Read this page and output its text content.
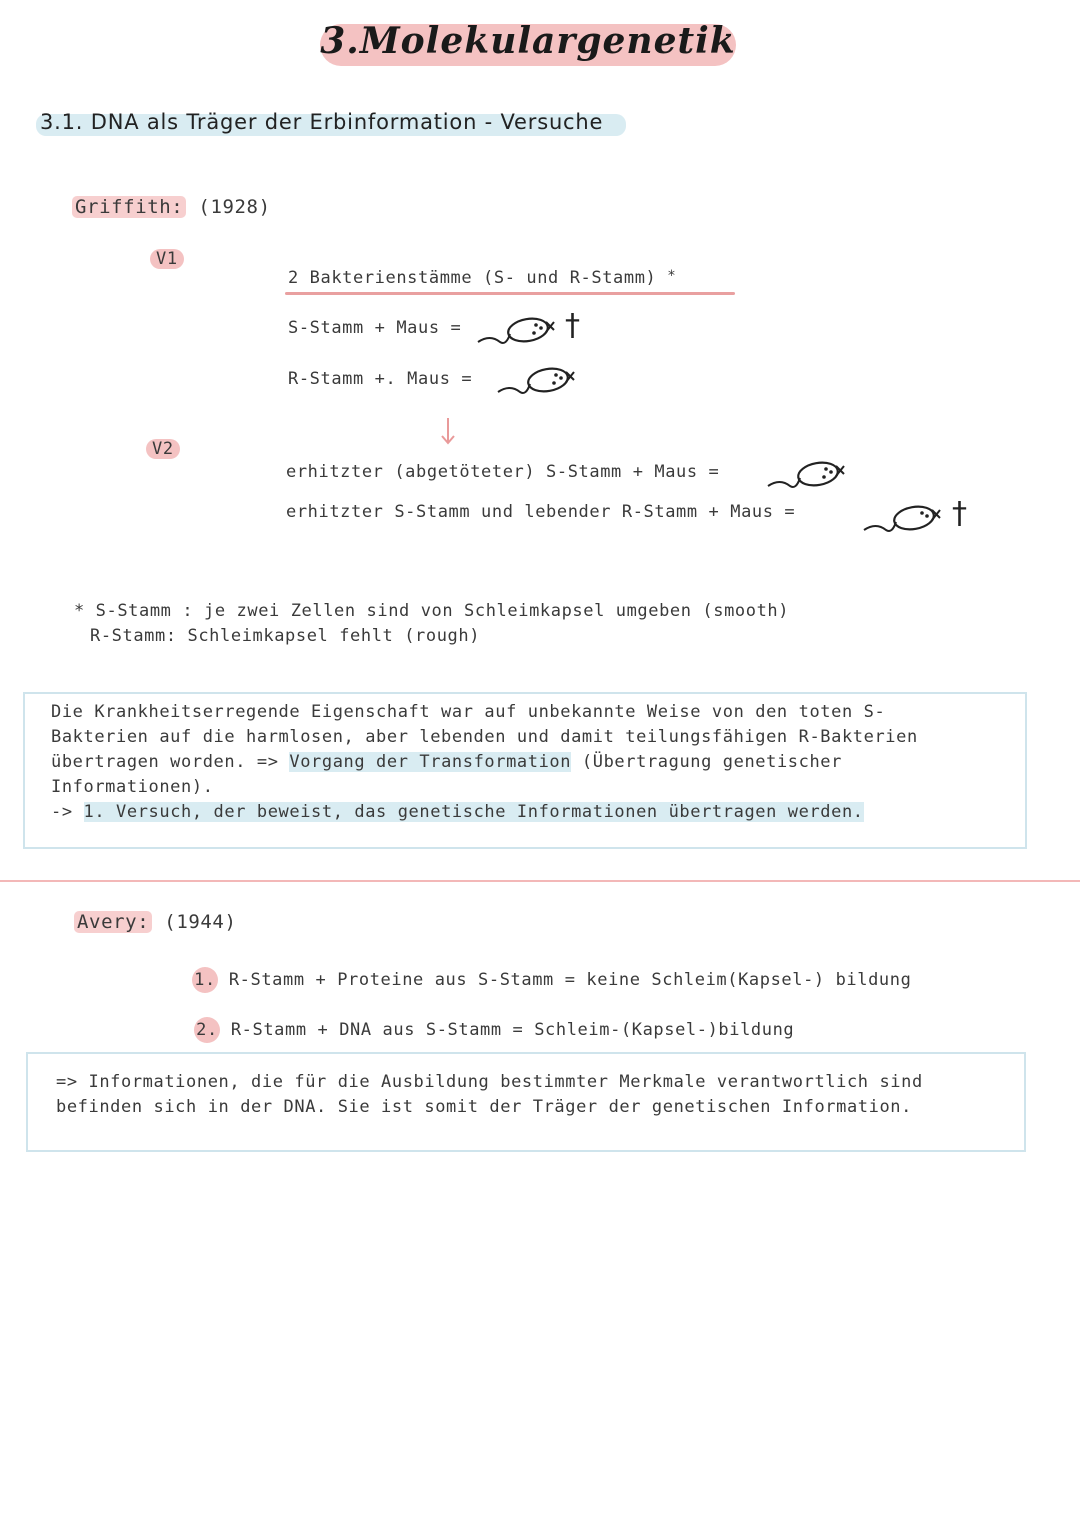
3.Molekulargenetik
3.1. DNA als Träger der Erbinformation - Versuche
Griffith: (1928)
V1
2 Bakterienstämme (S- und R-Stamm) *
S-Stamm + Maus =	†
R-Stamm +. Maus =
V2
erhitzter (abgetöteter) S-Stamm + Maus =
erhitzter S-Stamm und lebender R-Stamm + Maus =	†
* S-Stamm : je zwei Zellen sind von Schleimkapsel umgeben (smooth)
R-Stamm: Schleimkapsel fehlt (rough)
Die Krankheitserregende Eigenschaft war auf unbekannte Weise von den toten S-
Bakterien auf die harmlosen, aber lebenden und damit teilungsfähigen R-Bakterien
übertragen worden. => Vorgang der Transformation (Übertragung genetischer
Informationen).
-> 1. Versuch, der beweist, das genetische Informationen übertragen werden.
Avery: (1944)
1. R-Stamm + Proteine aus S-Stamm = keine Schleim(Kapsel-) bildung
2. R-Stamm + DNA aus S-Stamm = Schleim-(Kapsel-)bildung
=> Informationen, die für die Ausbildung bestimmter Merkmale verantwortlich sind
befinden sich in der DNA. Sie ist somit der Träger der genetischen Information.
